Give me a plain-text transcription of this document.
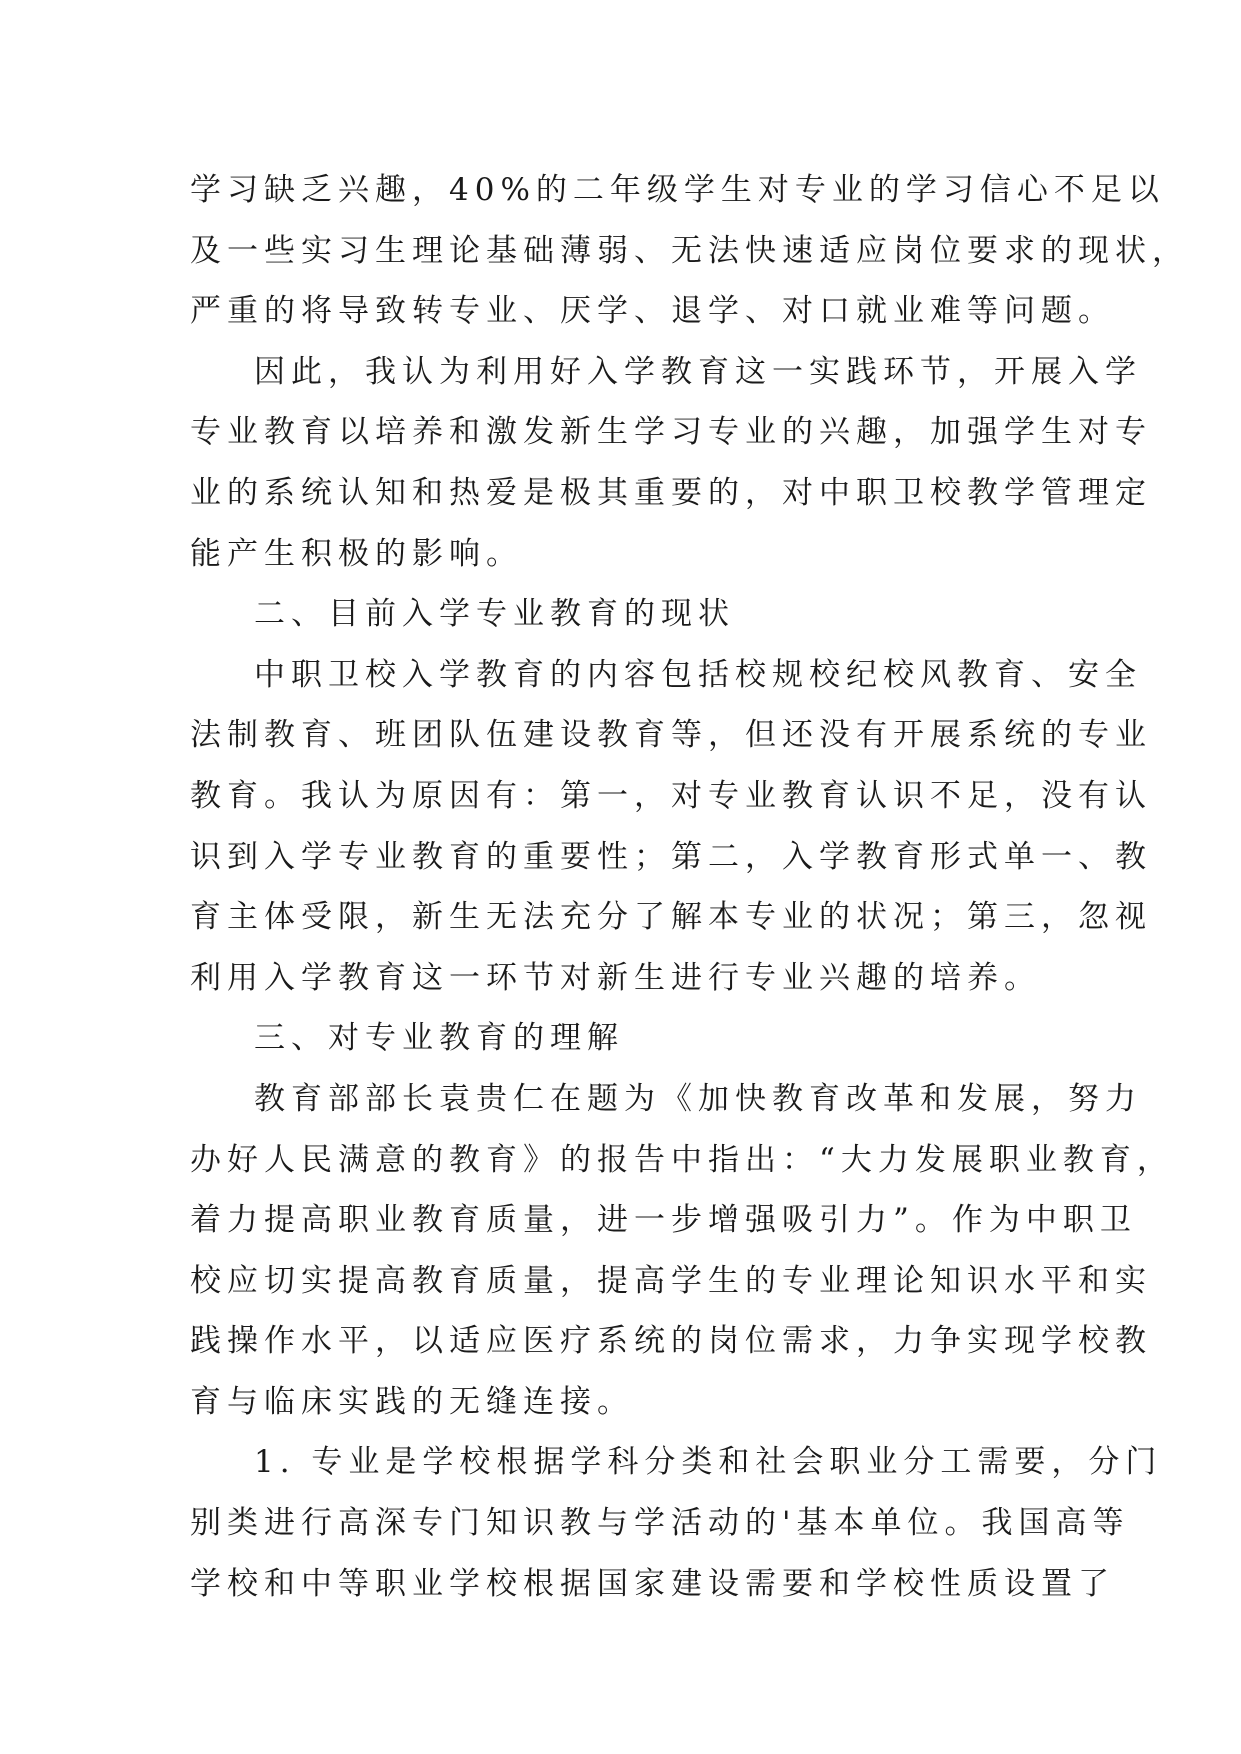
学习缺乏兴趣，40%的二年级学生对专业的学习信心不足以
及一些实习生理论基础薄弱、无法快速适应岗位要求的现状，
严重的将导致转专业、厌学、退学、对口就业难等问题。
因此，我认为利用好入学教育这一实践环节，开展入学
专业教育以培养和激发新生学习专业的兴趣，加强学生对专
业的系统认知和热爱是极其重要的，对中职卫校教学管理定
能产生积极的影响。
二、目前入学专业教育的现状
中职卫校入学教育的内容包括校规校纪校风教育、安全
法制教育、班团队伍建设教育等，但还没有开展系统的专业
教育。我认为原因有：第一，对专业教育认识不足，没有认
识到入学专业教育的重要性；第二，入学教育形式单一、教
育主体受限，新生无法充分了解本专业的状况；第三，忽视
利用入学教育这一环节对新生进行专业兴趣的培养。
三、对专业教育的理解
教育部部长袁贵仁在题为《加快教育改革和发展，努力
办好人民满意的教育》的报告中指出：“大力发展职业教育，
着力提高职业教育质量，进一步增强吸引力”。作为中职卫
校应切实提高教育质量，提高学生的专业理论知识水平和实
践操作水平，以适应医疗系统的岗位需求，力争实现学校教
育与临床实践的无缝连接。
1. 专业是学校根据学科分类和社会职业分工需要，分门
别类进行高深专门知识教与学活动的'基本单位。我国高等
学校和中等职业学校根据国家建设需要和学校性质设置了
